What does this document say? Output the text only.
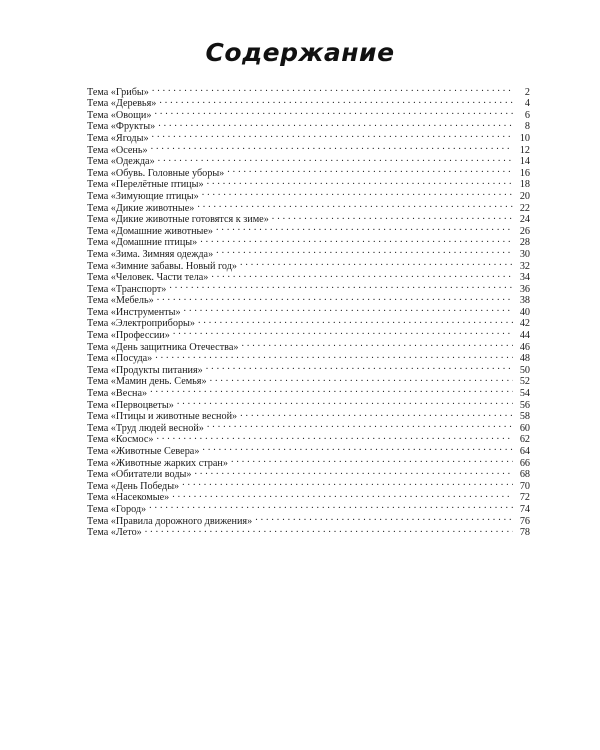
Содержание
Тема «Грибы» . . .	2
Тема «Деревья» . . .	4
Тема «Овощи» . . .	6
Тема «Фрукты» . . .	8
Тема «Ягоды» . . .	10
Тема «Осень» . . .	12
Тема «Одежда» . . .	14
Тема «Обувь. Головные уборы» . . .	16
Тема «Перелётные птицы» . . .	18
Тема «Зимующие птицы» . . .	20
Тема «Дикие животные» . . .	22
Тема «Дикие животные готовятся к зиме» . . .	24
Тема «Домашние животные» . . .	26
Тема «Домашние птицы» . . .	28
Тема «Зима. Зимняя одежда» . . .	30
Тема «Зимние забавы. Новый год» . . .	32
Тема «Человек. Части тела» . . .	34
Тема «Транспорт» . . .	36
Тема «Мебель» . . .	38
Тема «Инструменты» . . .	40
Тема «Электроприборы» . . .	42
Тема «Профессии» . . .	44
Тема «День защитника Отечества» . . .	46
Тема «Посуда» . . .	48
Тема «Продукты питания» . . .	50
Тема «Мамин день. Семья» . . .	52
Тема «Весна» . . .	54
Тема «Первоцветы» . . .	56
Тема «Птицы и животные весной» . . .	58
Тема «Труд людей весной» . . .	60
Тема «Космос» . . .	62
Тема «Животные Севера» . . .	64
Тема «Животные жарких стран» . . .	66
Тема «Обитатели воды» . . .	68
Тема «День Победы» . . .	70
Тема «Насекомые» . . .	72
Тема «Город» . . .	74
Тема «Правила дорожного движения» . . .	76
Тема «Лето» . . .	78
